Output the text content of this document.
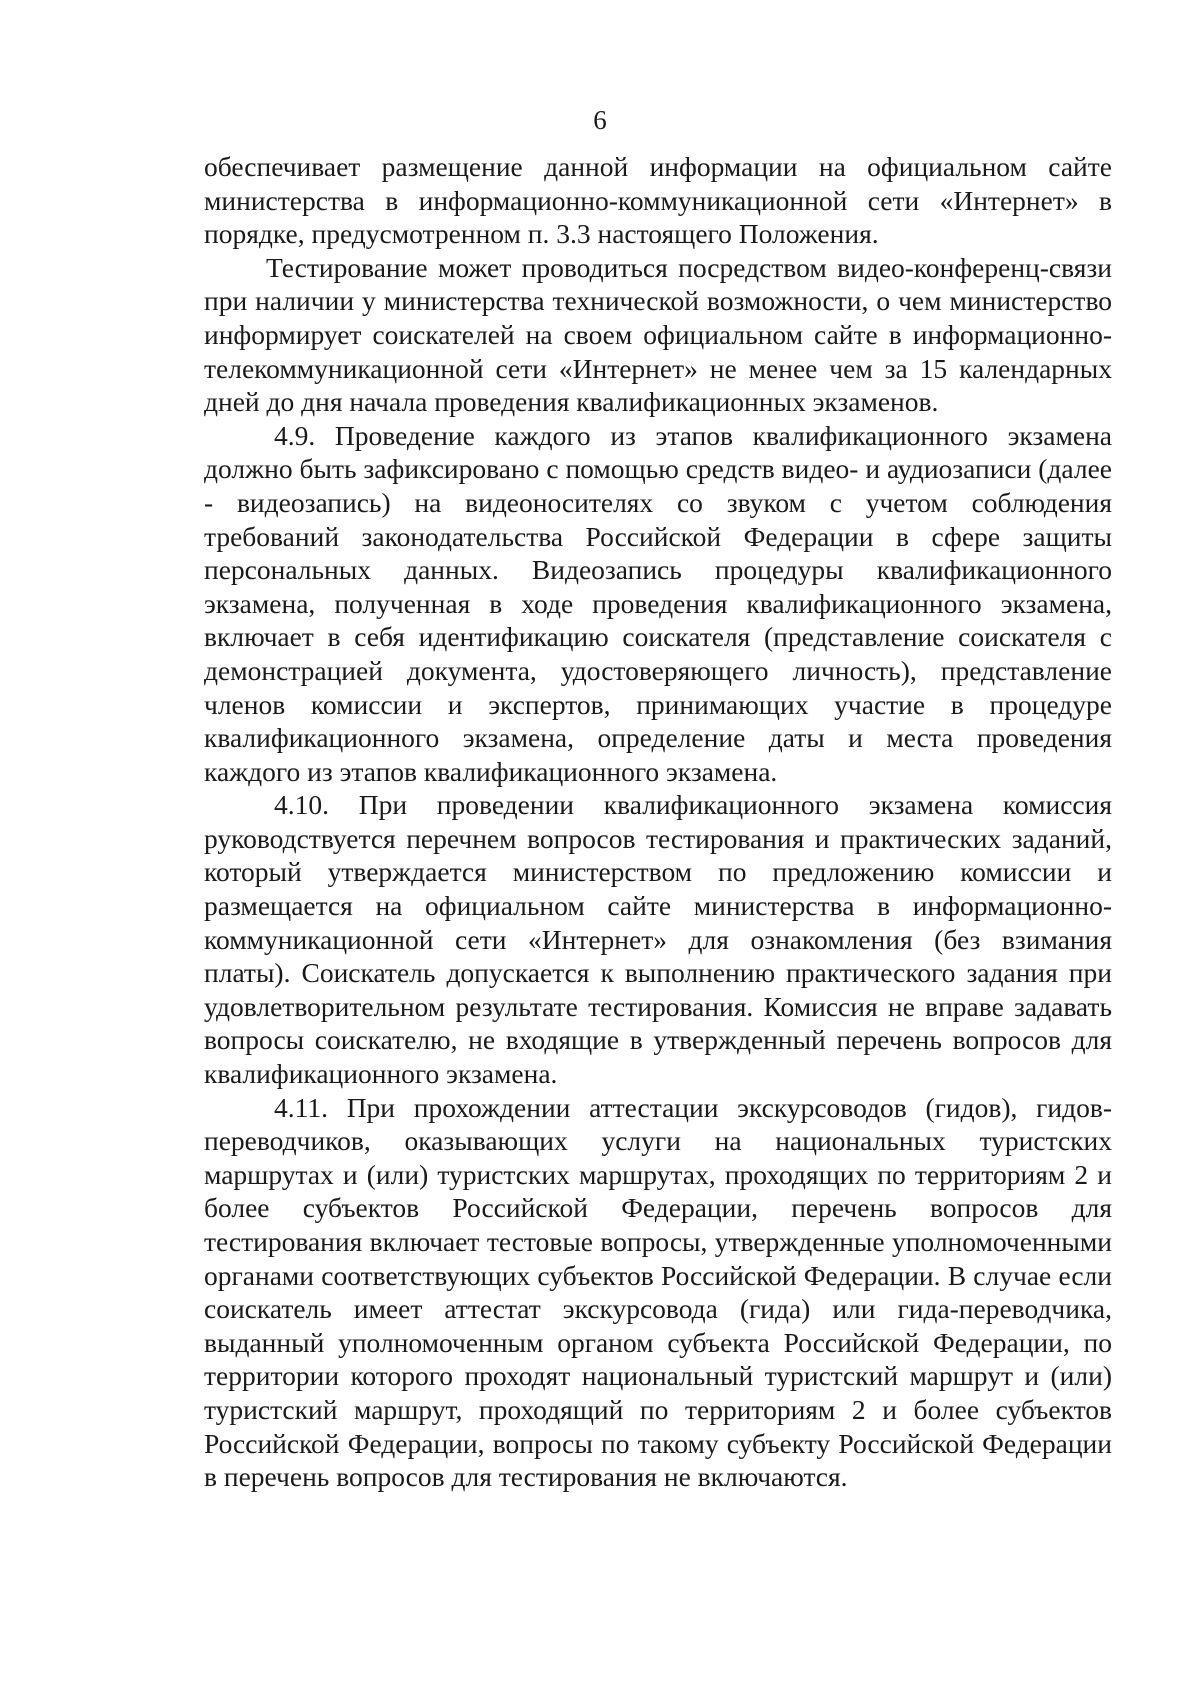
6

обеспечивает размещение данной информации на официальном сайте министерства в информационно-коммуникационной сети «Интернет» в порядке, предусмотренном п. 3.3 настоящего Положения.

Тестирование может проводиться посредством видео-конференц-связи при наличии у министерства технической возможности, о чем министерство информирует соискателей на своем официальном сайте в информационно-телекоммуникационной сети «Интернет» не менее чем за 15 календарных дней до дня начала проведения квалификационных экзаменов.

4.9. Проведение каждого из этапов квалификационного экзамена должно быть зафиксировано с помощью средств видео- и аудиозаписи (далее - видеозапись) на видеоносителях со звуком с учетом соблюдения требований законодательства Российской Федерации в сфере защиты персональных данных. Видеозапись процедуры квалификационного экзамена, полученная в ходе проведения квалификационного экзамена, включает в себя идентификацию соискателя (представление соискателя с демонстрацией документа, удостоверяющего личность), представление членов комиссии и экспертов, принимающих участие в процедуре квалификационного экзамена, определение даты и места проведения каждого из этапов квалификационного экзамена.

4.10. При проведении квалификационного экзамена комиссия руководствуется перечнем вопросов тестирования и практических заданий, который утверждается министерством по предложению комиссии и размещается на официальном сайте министерства в информационно-коммуникационной сети «Интернет» для ознакомления (без взимания платы). Соискатель допускается к выполнению практического задания при удовлетворительном результате тестирования. Комиссия не вправе задавать вопросы соискателю, не входящие в утвержденный перечень вопросов для квалификационного экзамена.

4.11. При прохождении аттестации экскурсоводов (гидов), гидов-переводчиков, оказывающих услуги на национальных туристских маршрутах и (или) туристских маршрутах, проходящих по территориям 2 и более субъектов Российской Федерации, перечень вопросов для тестирования включает тестовые вопросы, утвержденные уполномоченными органами соответствующих субъектов Российской Федерации. В случае если соискатель имеет аттестат экскурсовода (гида) или гида-переводчика, выданный уполномоченным органом субъекта Российской Федерации, по территории которого проходят национальный туристский маршрут и (или) туристский маршрут, проходящий по территориям 2 и более субъектов Российской Федерации, вопросы по такому субъекту Российской Федерации в перечень вопросов для тестирования не включаются.
